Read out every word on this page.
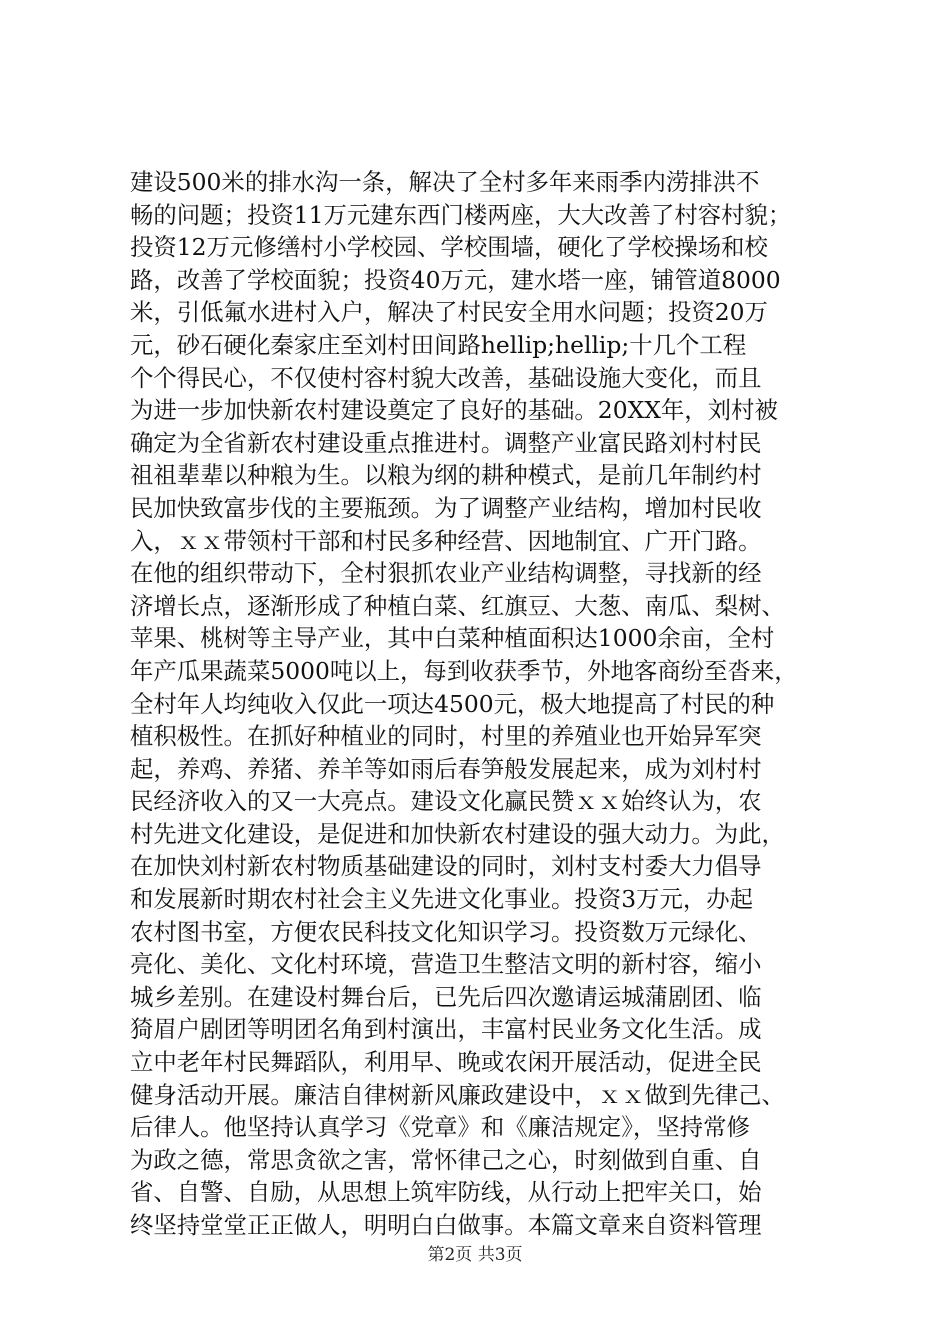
建设500米的排水沟一条，解决了全村多年来雨季内涝排洪不
畅的问题；投资11万元建东西门楼两座，大大改善了村容村貌；
投资12万元修缮村小学校园、学校围墙，硬化了学校操场和校
路，改善了学校面貌；投资40万元，建水塔一座，铺管道8000
米，引低氟水进村入户，解决了村民安全用水问题；投资20万
元，砂石硬化秦家庄至刘村田间路hellip;hellip;十几个工程
个个得民心，不仅使村容村貌大改善，基础设施大变化，而且
为进一步加快新农村建设奠定了良好的基础。20XX年，刘村被
确定为全省新农村建设重点推进村。调整产业富民路刘村村民
祖祖辈辈以种粮为生。以粮为纲的耕种模式，是前几年制约村
民加快致富步伐的主要瓶颈。为了调整产业结构，增加村民收
入，ｘｘ带领村干部和村民多种经营、因地制宜、广开门路。
在他的组织带动下，全村狠抓农业产业结构调整，寻找新的经
济增长点，逐渐形成了种植白菜、红旗豆、大葱、南瓜、梨树、
苹果、桃树等主导产业，其中白菜种植面积达1000余亩，全村
年产瓜果蔬菜5000吨以上，每到收获季节，外地客商纷至沓来，
全村年人均纯收入仅此一项达4500元，极大地提高了村民的种
植积极性。在抓好种植业的同时，村里的养殖业也开始异军突
起，养鸡、养猪、养羊等如雨后春笋般发展起来，成为刘村村
民经济收入的又一大亮点。建设文化赢民赞ｘｘ始终认为，农
村先进文化建设，是促进和加快新农村建设的强大动力。为此，
在加快刘村新农村物质基础建设的同时，刘村支村委大力倡导
和发展新时期农村社会主义先进文化事业。投资3万元，办起
农村图书室，方便农民科技文化知识学习。投资数万元绿化、
亮化、美化、文化村环境，营造卫生整洁文明的新村容，缩小
城乡差别。在建设村舞台后，已先后四次邀请运城蒲剧团、临
猗眉户剧团等明团名角到村演出，丰富村民业务文化生活。成
立中老年村民舞蹈队，利用早、晚或农闲开展活动，促进全民
健身活动开展。廉洁自律树新风廉政建设中，ｘｘ做到先律己、
后律人。他坚持认真学习《党章》和《廉洁规定》，坚持常修
为政之德，常思贪欲之害，常怀律己之心，时刻做到自重、自
省、自警、自励，从思想上筑牢防线，从行动上把牢关口，始
终坚持堂堂正正做人，明明白白做事。本篇文章来自资料管理
第2页 共3页
